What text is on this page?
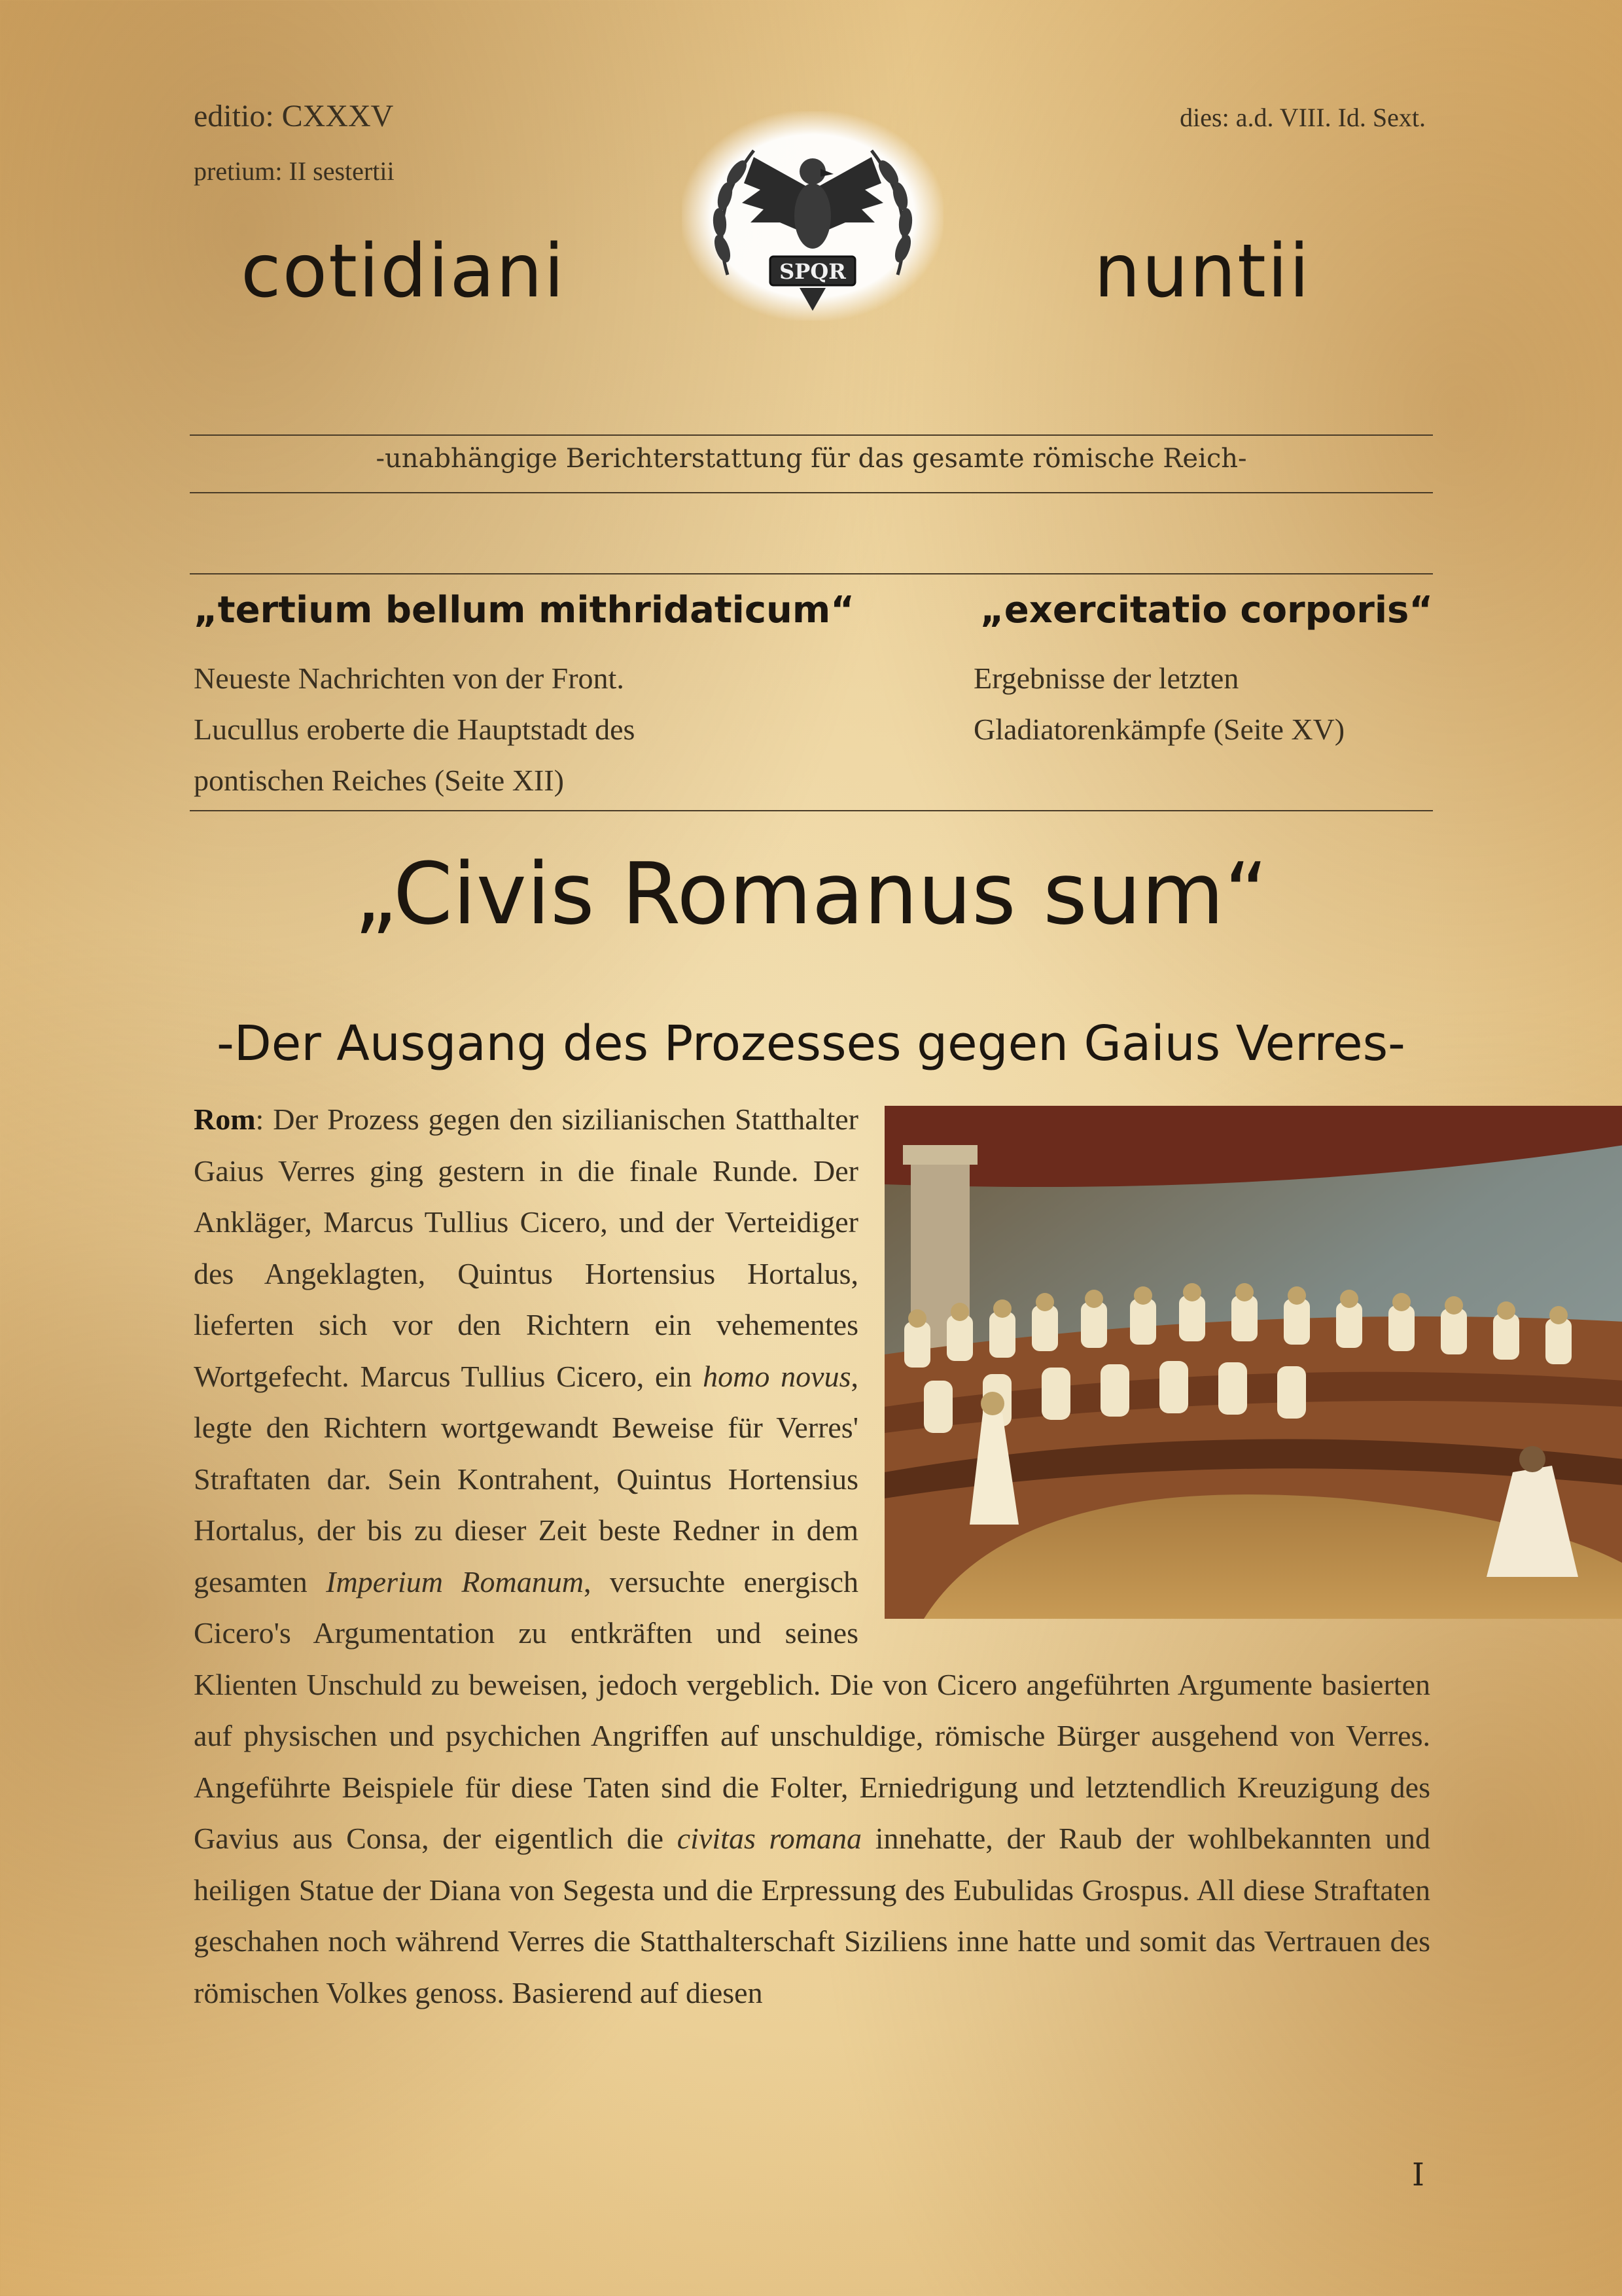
editio: CXXXV
pretium: II sestertii
dies: a.d. VIII. Id. Sext.
SPQR
cotidiani	nuntii
-unabhängige Berichterstattung für das gesamte römische Reich-
„tertium bellum mithridaticum“
Neueste Nachrichten von der Front.
Lucullus eroberte die Hauptstadt des
pontischen Reiches (Seite XII)
„exercitatio corporis“
Ergebnisse der letzten
Gladiatorenkämpfe (Seite XV)
„Civis Romanus sum“
-Der Ausgang des Prozesses gegen Gaius Verres-
Rom: Der Prozess gegen den sizilianischen Statthalter Gaius Verres ging gestern in die finale Runde. Der Ankläger, Marcus Tullius Cicero, und der Verteidiger des Angeklagten, Quintus Hortensius Hortalus, lieferten sich vor den Richtern ein vehementes Wortgefecht. Marcus Tullius Cicero, ein homo novus, legte den Richtern wortgewandt Beweise für Verres' Straftaten dar. Sein Kontrahent, Quintus Hortensius Hortalus, der bis zu dieser Zeit beste Redner in dem gesamten Imperium Romanum, versuchte energisch Cicero's Argumentation zu entkräften und seines Klienten Unschuld zu beweisen, jedoch vergeblich. Die von Cicero angeführten Argumente basierten auf physischen und psychichen Angriffen auf unschuldige, römische Bürger ausgehend von Verres. Angeführte Beispiele für diese Taten sind die Folter, Erniedrigung und letztendlich Kreuzigung des Gavius aus Consa, der eigentlich die civitas romana innehatte, der Raub der wohlbekannten und heiligen Statue der Diana von Segesta und die Erpressung des Eubulidas Grospus. All diese Straftaten geschahen noch während Verres die Statthalterschaft Siziliens inne hatte und somit das Vertrauen des römischen Volkes genoss. Basierend auf diesen
I
